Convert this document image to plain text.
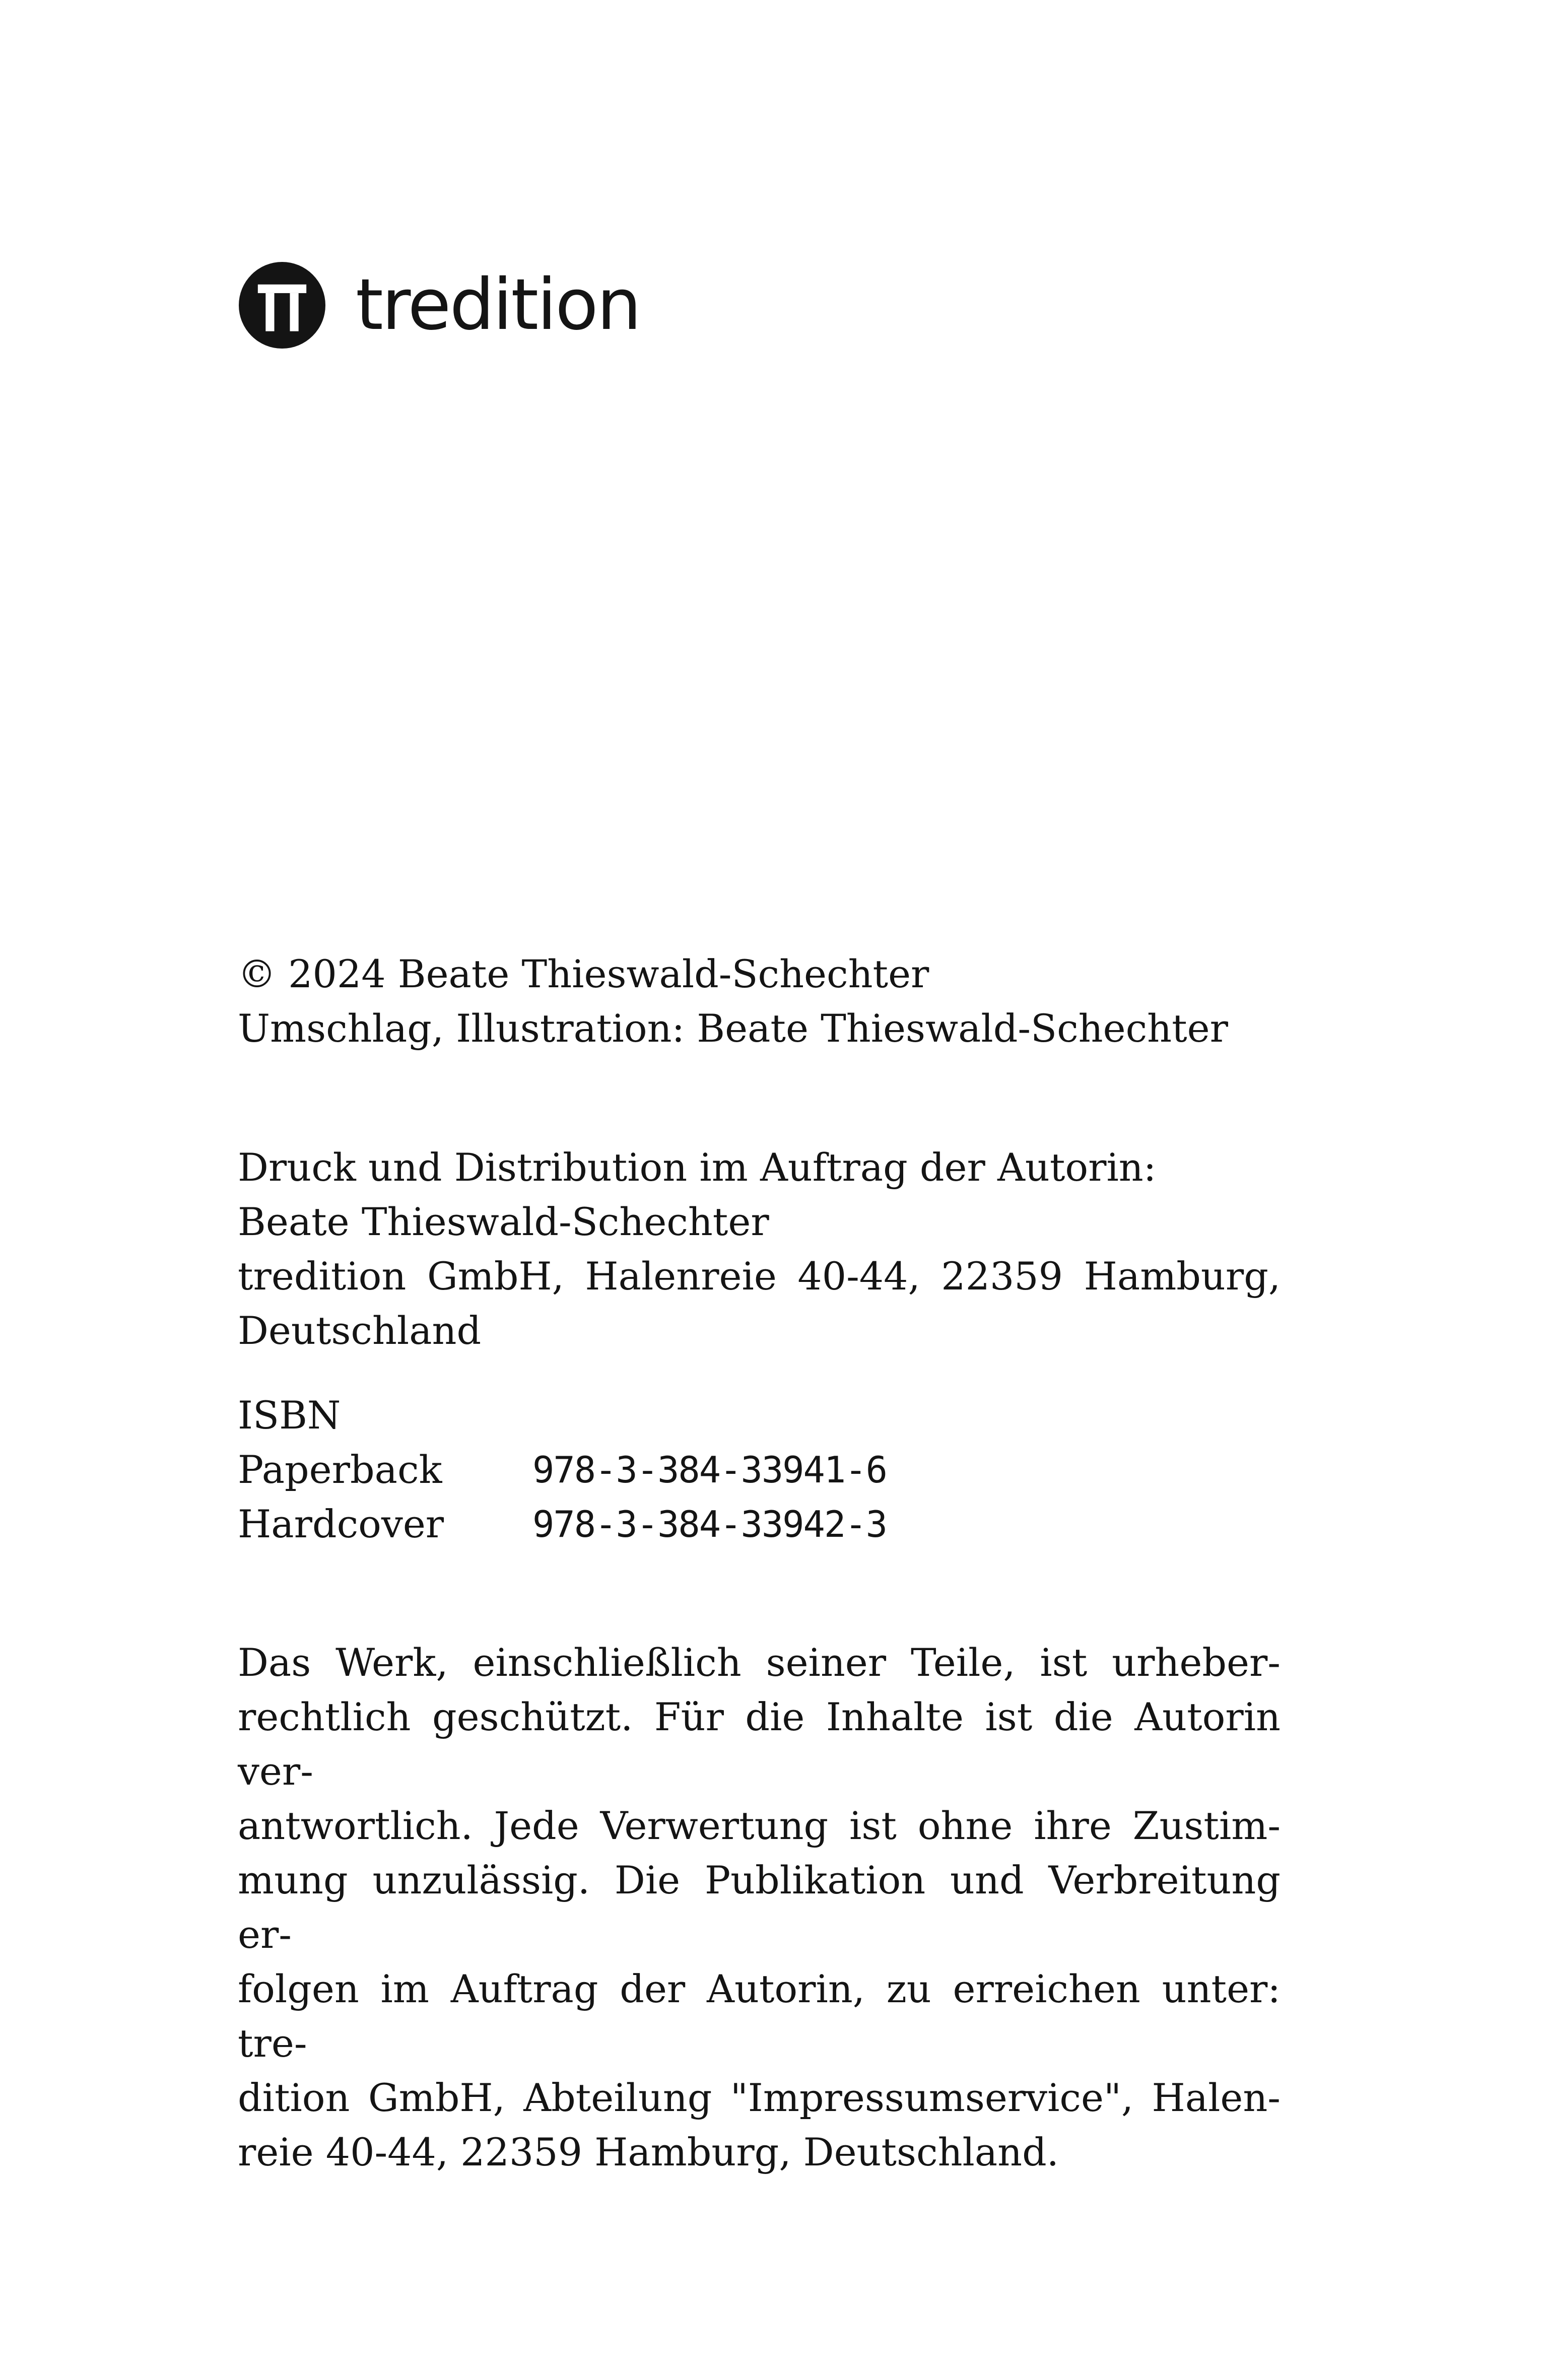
tredition
© 2024 Beate Thieswald-Schechter
Umschlag, Illustration: Beate Thieswald-Schechter
Druck und Distribution im Auftrag der Autorin:
Beate Thieswald-Schechter
tredition GmbH, Halenreie 40-44, 22359 Hamburg,
Deutschland
ISBN
Paperback	978-3-384-33941-6
Hardcover	978-3-384-33942-3
Das Werk, einschließlich seiner Teile, ist urheber-
rechtlich geschützt. Für die Inhalte ist die Autorin ver-
antwortlich. Jede Verwertung ist ohne ihre Zustim-
mung unzulässig. Die Publikation und Verbreitung er-
folgen im Auftrag der Autorin, zu erreichen unter: tre-
dition GmbH, Abteilung "Impressumservice", Halen-
reie 40-44, 22359 Hamburg, Deutschland.
